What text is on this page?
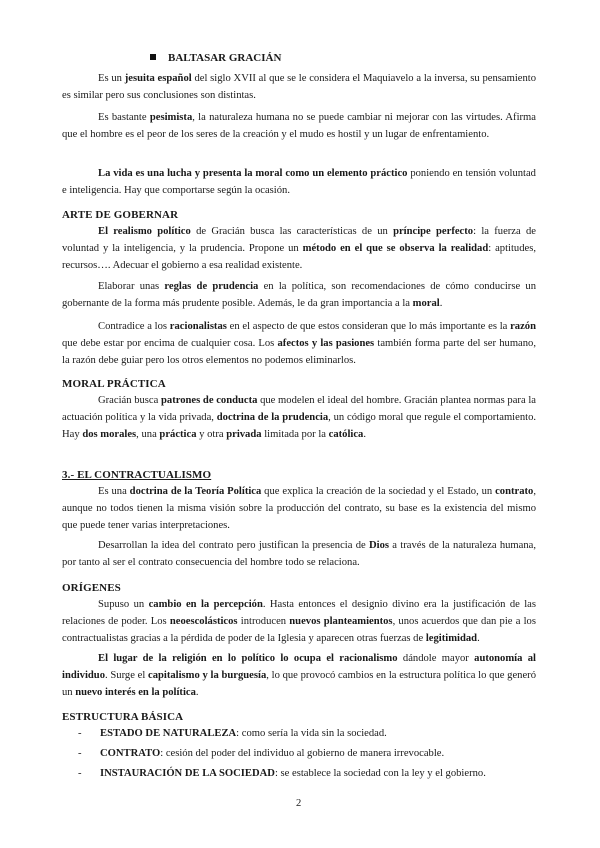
BALTASAR GRACIÁN

Es un jesuita español del siglo XVII al que se le considera el Maquiavelo a la inversa, su pensamiento es similar pero sus conclusiones son distintas.

Es bastante pesimista, la naturaleza humana no se puede cambiar ni mejorar con las virtudes. Afirma que el hombre es el peor de los seres de la creación y el mudo es hostil y un lugar de enfrentamiento.

La vida es una lucha y presenta la moral como un elemento práctico poniendo en tensión voluntad e inteligencia. Hay que comportarse según la ocasión.

ARTE DE GOBERNAR

El realismo político de Gracián busca las características de un príncipe perfecto: la fuerza de voluntad y la inteligencia, y la prudencia. Propone un método en el que se observa la realidad: aptitudes, recursos…. Adecuar el gobierno a esa realidad existente.

Elaborar unas reglas de prudencia en la política, son recomendaciones de cómo conducirse un gobernante de la forma más prudente posible. Además, le da gran importancia a la moral.

Contradice a los racionalistas en el aspecto de que estos consideran que lo más importante es la razón que debe estar por encima de cualquier cosa. Los afectos y las pasiones también forma parte del ser humano, la razón debe guiar pero los otros elementos no podemos eliminarlos.

MORAL PRÁCTICA

Gracián busca patrones de conducta que modelen el ideal del hombre. Gracián plantea normas para la actuación política y la vida privada, doctrina de la prudencia, un código moral que regule el comportamiento. Hay dos morales, una práctica y otra privada limitada por la católica.

3.- EL CONTRACTUALISMO

Es una doctrina de la Teoría Política que explica la creación de la sociedad y el Estado, un contrato, aunque no todos tienen la misma visión sobre la producción del contrato, su base es la existencia del mismo que puede tener varias interpretaciones.

Desarrollan la idea del contrato pero justifican la presencia de Dios a través de la naturaleza humana, por tanto al ser el contrato consecuencia del hombre todo se relaciona.

ORÍGENES

Supuso un cambio en la percepción. Hasta entonces el designio divino era la justificación de las relaciones de poder. Los neoescolásticos introducen nuevos planteamientos, unos acuerdos que dan pie a los contractualistas gracias a la pérdida de poder de la Iglesia y aparecen otras fuerzas de legitimidad.

El lugar de la religión en lo político lo ocupa el racionalismo dándole mayor autonomía al individuo. Surge el capitalismo y la burguesía, lo que provocó cambios en la estructura política lo que generó un nuevo interés en la política.

ESTRUCTURA BÁSICA

- ESTADO DE NATURALEZA: como sería la vida sin la sociedad.
- CONTRATO: cesión del poder del individuo al gobierno de manera irrevocable.
- INSTAURACIÓN DE LA SOCIEDAD: se establece la sociedad con la ley y el gobierno.
2
